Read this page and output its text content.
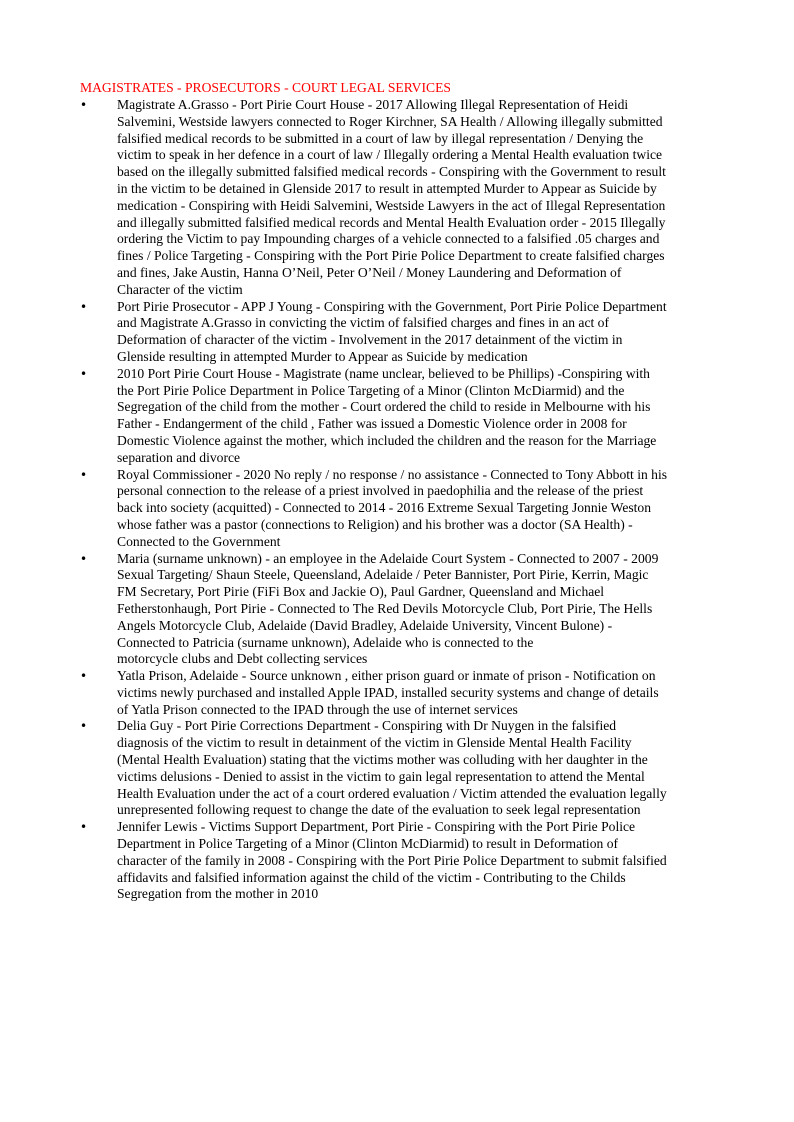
MAGISTRATES - PROSECUTORS - COURT LEGAL SERVICES
•	Magistrate A.Grasso - Port Pirie Court House - 2017 Allowing Illegal Representation of Heidi
Salvemini, Westside lawyers connected to Roger Kirchner, SA Health / Allowing illegally submitted
falsified medical records to be submitted in a court of law by illegal representation / Denying the
victim to speak in her defence in a court of law / Illegally ordering a Mental Health evaluation twice
based on the illegally submitted falsified medical records - Conspiring with the Government to result
in the victim to be detained in Glenside 2017 to result in attempted Murder to Appear as Suicide by
medication - Conspiring with Heidi Salvemini, Westside Lawyers in the act of Illegal Representation
and illegally submitted falsified medical records and Mental Health Evaluation order - 2015 Illegally
ordering the Victim to pay Impounding charges of a vehicle connected to a falsified .05 charges and
fines / Police Targeting - Conspiring with the Port Pirie Police Department to create falsified charges
and fines, Jake Austin, Hanna O’Neil, Peter O’Neil / Money Laundering and Deformation of
Character of the victim
•	Port Pirie Prosecutor - APP J Young - Conspiring with the Government, Port Pirie Police Department
and Magistrate A.Grasso in convicting the victim of falsified charges and fines in an act of
Deformation of character of the victim - Involvement in the 2017 detainment of the victim in
Glenside resulting in attempted Murder to Appear as Suicide by medication
•	2010 Port Pirie Court House - Magistrate (name unclear, believed to be Phillips) -Conspiring with
the Port Pirie Police Department in Police Targeting of a Minor (Clinton McDiarmid) and the
Segregation of the child from the mother - Court ordered the child to reside in Melbourne with his
Father - Endangerment of the child , Father was issued a Domestic Violence order in 2008 for
Domestic Violence against the mother, which included the children and the reason for the Marriage
separation and divorce
•	Royal Commissioner - 2020 No reply / no response / no assistance - Connected to Tony Abbott in his
personal connection to the release of a priest involved in paedophilia and the release of the priest
back into society (acquitted) - Connected to 2014 - 2016 Extreme Sexual Targeting Jonnie Weston
whose father was a pastor (connections to Religion) and his brother was a doctor (SA Health) -
Connected to the Government
•	Maria (surname unknown) - an employee in the Adelaide Court System - Connected to 2007 - 2009
Sexual Targeting/ Shaun Steele, Queensland, Adelaide / Peter Bannister, Port Pirie, Kerrin, Magic
FM Secretary, Port Pirie (FiFi Box and Jackie O), Paul Gardner, Queensland and Michael
Fetherstonhaugh, Port Pirie - Connected to The Red Devils Motorcycle Club, Port Pirie, The Hells
Angels Motorcycle Club, Adelaide (David Bradley, Adelaide University, Vincent Bulone) -
Connected to Patricia (surname unknown), Adelaide who is connected to the
motorcycle clubs and Debt collecting services
•	Yatla Prison, Adelaide - Source unknown , either prison guard or inmate of prison - Notification on
victims newly purchased and installed Apple IPAD, installed security systems and change of details
of Yatla Prison connected to the IPAD through the use of internet services
•	Delia Guy - Port Pirie Corrections Department - Conspiring with Dr Nuygen in the falsified
diagnosis of the victim to result in detainment of the victim in Glenside Mental Health Facility
(Mental Health Evaluation) stating that the victims mother was colluding with her daughter in the
victims delusions - Denied to assist in the victim to gain legal representation to attend the Mental
Health Evaluation under the act of a court ordered evaluation / Victim attended the evaluation legally
unrepresented following request to change the date of the evaluation to seek legal representation
•	Jennifer Lewis - Victims Support Department, Port Pirie - Conspiring with the Port Pirie Police
Department in Police Targeting of a Minor (Clinton McDiarmid) to result in Deformation of
character of the family in 2008 - Conspiring with the Port Pirie Police Department to submit falsified
affidavits and falsified information against the child of the victim - Contributing to the Childs
Segregation from the mother in 2010
